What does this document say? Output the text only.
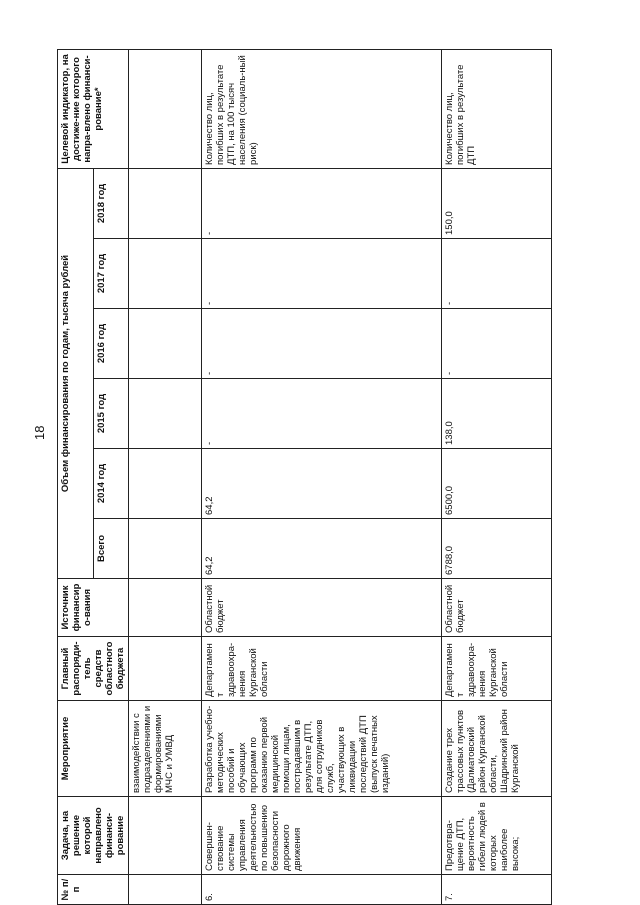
18
№ п/п	Задача, на решение которой направлено финанси-рование	Мероприятие	Главный распоряди-тель средств областного бюджета	Источник финансиро-вания	Объем финансирования по годам, тысяча рублей						Целевой индикатор, на достиже-ние которого напра-влено финанси-рование*
					Всего	2014 год	2015 год	2016 год	2017 год	2018 год	
		взаимодействии с подразделениями и формированиями МЧС и УМВД									
6.	Совершен-ствование системы управления деятельностью по повышению безопасности дорожного движения	Разработка учебно-методических пособий и обучающих программ по оказанию первой медицинской помощи лицам, пострадавшим в результате ДТП, для сотрудников служб, участвующих в ликвидации последствий ДТП (выпуск печатных изданий)	Департамент здравоохра-нения Курганской области	Областной бюджет	64,2	64,2	-	-	-	-	Количество лиц, погибших в результате ДТП, на 100 тысяч населения (социаль-ный риск)
7.	Предотвра-щение ДТП, вероятность гибели людей в которых наиболее высока;	Создание трех трассовых пунктов (Далматовский район Курганской области, Шадринский район Курганской	Департамент здравоохра-нения Курганской области	Областной бюджет	6788,0	6500,0	138,0	-	-	150,0	Количество лиц, погибших в результате ДТП
